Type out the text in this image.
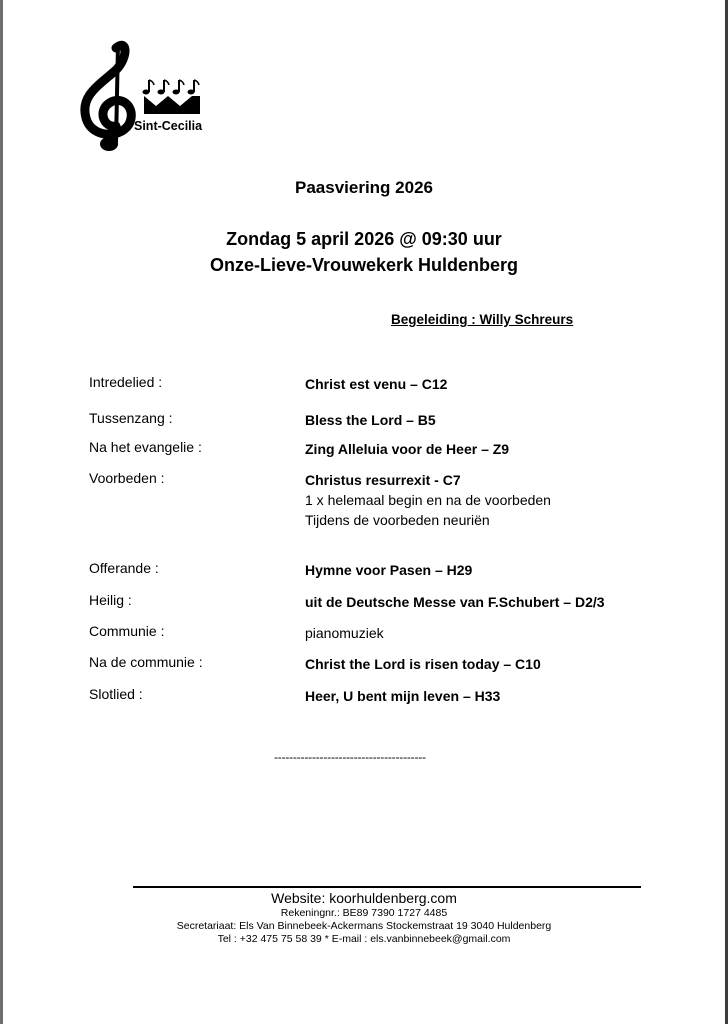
Sint-Cecilia
Paasviering 2026
Zondag 5 april 2026 @ 09:30 uur
Onze-Lieve-Vrouwekerk Huldenberg
Begeleiding : Willy Schreurs
Intredelied :	Christ est venu – C12
Tussenzang :	Bless the Lord – B5
Na het evangelie :	Zing Alleluia voor de Heer – Z9
Voorbeden :	Christus resurrexit - C7
1 x helemaal begin en na de voorbeden
Tijdens de voorbeden neuriën
Offerande :	Hymne voor Pasen – H29
Heilig :	uit de Deutsche Messe van F.Schubert – D2/3
Communie :	pianomuziek
Na de communie :	Christ the Lord is risen today – C10
Slotlied :	Heer, U bent mijn leven – H33
----------------------------------------
Website: koorhuldenberg.com
Rekeningnr.: BE89 7390 1727 4485
Secretariaat: Els Van Binnebeek-Ackermans Stockemstraat 19 3040 Huldenberg
Tel : +32 475 75 58 39 * E-mail : els.vanbinnebeek@gmail.com
